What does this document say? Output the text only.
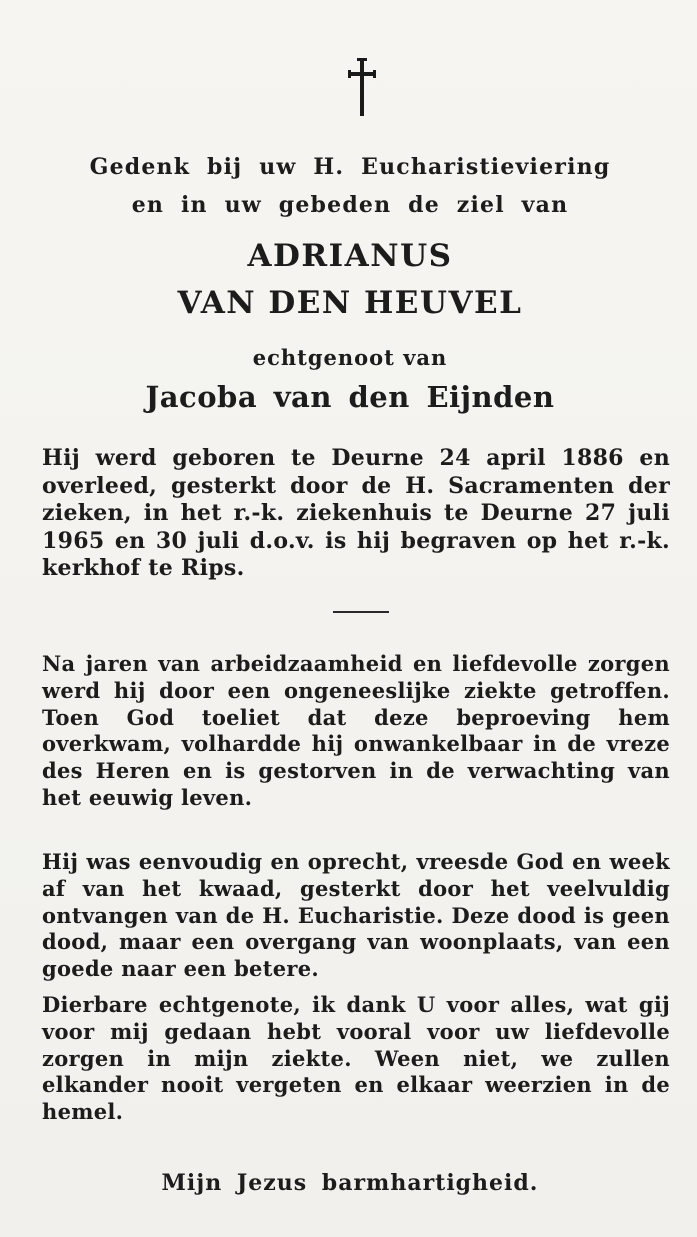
Gedenk bij uw H. Eucharistieviering
en in uw gebeden de ziel van
ADRIANUS
VAN DEN HEUVEL
echtgenoot van
Jacoba van den Eijnden
Hij werd geboren te Deurne 24 april 1886 en overleed, gesterkt door de H. Sacramenten der zieken, in het r.-k. ziekenhuis te Deurne 27 juli 1965 en 30 juli d.o.v. is hij begraven op het r.-k. kerkhof te Rips.
Na jaren van arbeidzaamheid en liefdevolle zorgen werd hij door een ongeneeslijke ziekte getroffen. Toen God toeliet dat deze beproeving hem overkwam, volhardde hij onwankelbaar in de vreze des Heren en is gestorven in de verwachting van het eeuwig leven.
Hij was eenvoudig en oprecht, vreesde God en week af van het kwaad, gesterkt door het veelvuldig ontvangen van de H. Eucharistie. Deze dood is geen dood, maar een overgang van woonplaats, van een goede naar een betere.
Dierbare echtgenote, ik dank U voor alles, wat gij voor mij gedaan hebt vooral voor uw liefdevolle zorgen in mijn ziekte. Ween niet, we zullen elkander nooit vergeten en elkaar weerzien in de hemel.
Mijn Jezus barmhartigheid.
